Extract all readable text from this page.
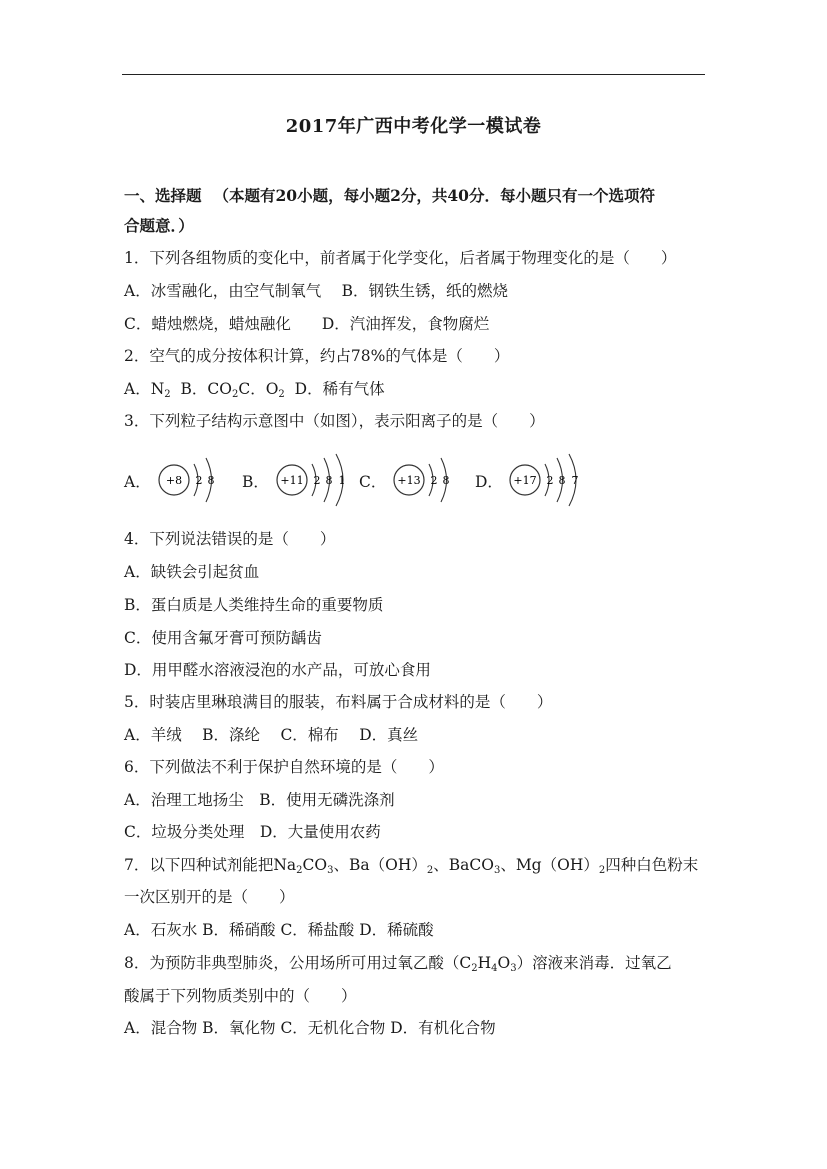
2017年广西中考化学一模试卷
一、选择题 （本题有20小题，每小题2分，共40分．每小题只有一个选项符
合题意．）
1．下列各组物质的变化中，前者属于化学变化，后者属于物理变化的是（　　）
A．冰雪融化，由空气制氧气　 B．钢铁生锈，纸的燃烧
C．蜡烛燃烧，蜡烛融化　　D．汽油挥发，食物腐烂
2．空气的成分按体积计算，约占78%的气体是（　　）
A．$N_2$  B．$CO_2C$．$O_2$  D．稀有气体
3．下列粒子结构示意图中（如图），表示阳离子的是（　　）
A． +8 2 8 B． +11 2 8 1 C． +13 2 8 D． +17 2 8 7
4．下列说法错误的是（　　）
A．缺铁会引起贫血
B．蛋白质是人类维持生命的重要物质
C．使用含氟牙膏可预防龋齿
D．用甲醛水溶液浸泡的水产品，可放心食用
5．时装店里琳琅满目的服装，布料属于合成材料的是（　　）
A．羊绒　 B．涤纶　 C．棉布　 D．真丝
6．下列做法不利于保护自然环境的是（　　）
A．治理工地扬尘　B．使用无磷洗涤剂
C．垃圾分类处理　D．大量使用农药
7．以下四种试剂能把$Na_2CO_3$、$Ba(OH)_2$、BaCO$_3$、$Mg(OH)_2$四种白色粉末
一次区别开的是（　　）
A．石灰水 B．稀硝酸 C．稀盐酸 D．稀硫酸
8．为预防非典型肺炎，公用场所可用过氧乙酸$(C_2H_4O_3)$溶液来消毒．过氧乙
酸属于下列物质类别中的（　　）
A．混合物 B．氧化物 C．无机化合物 D．有机化合物
